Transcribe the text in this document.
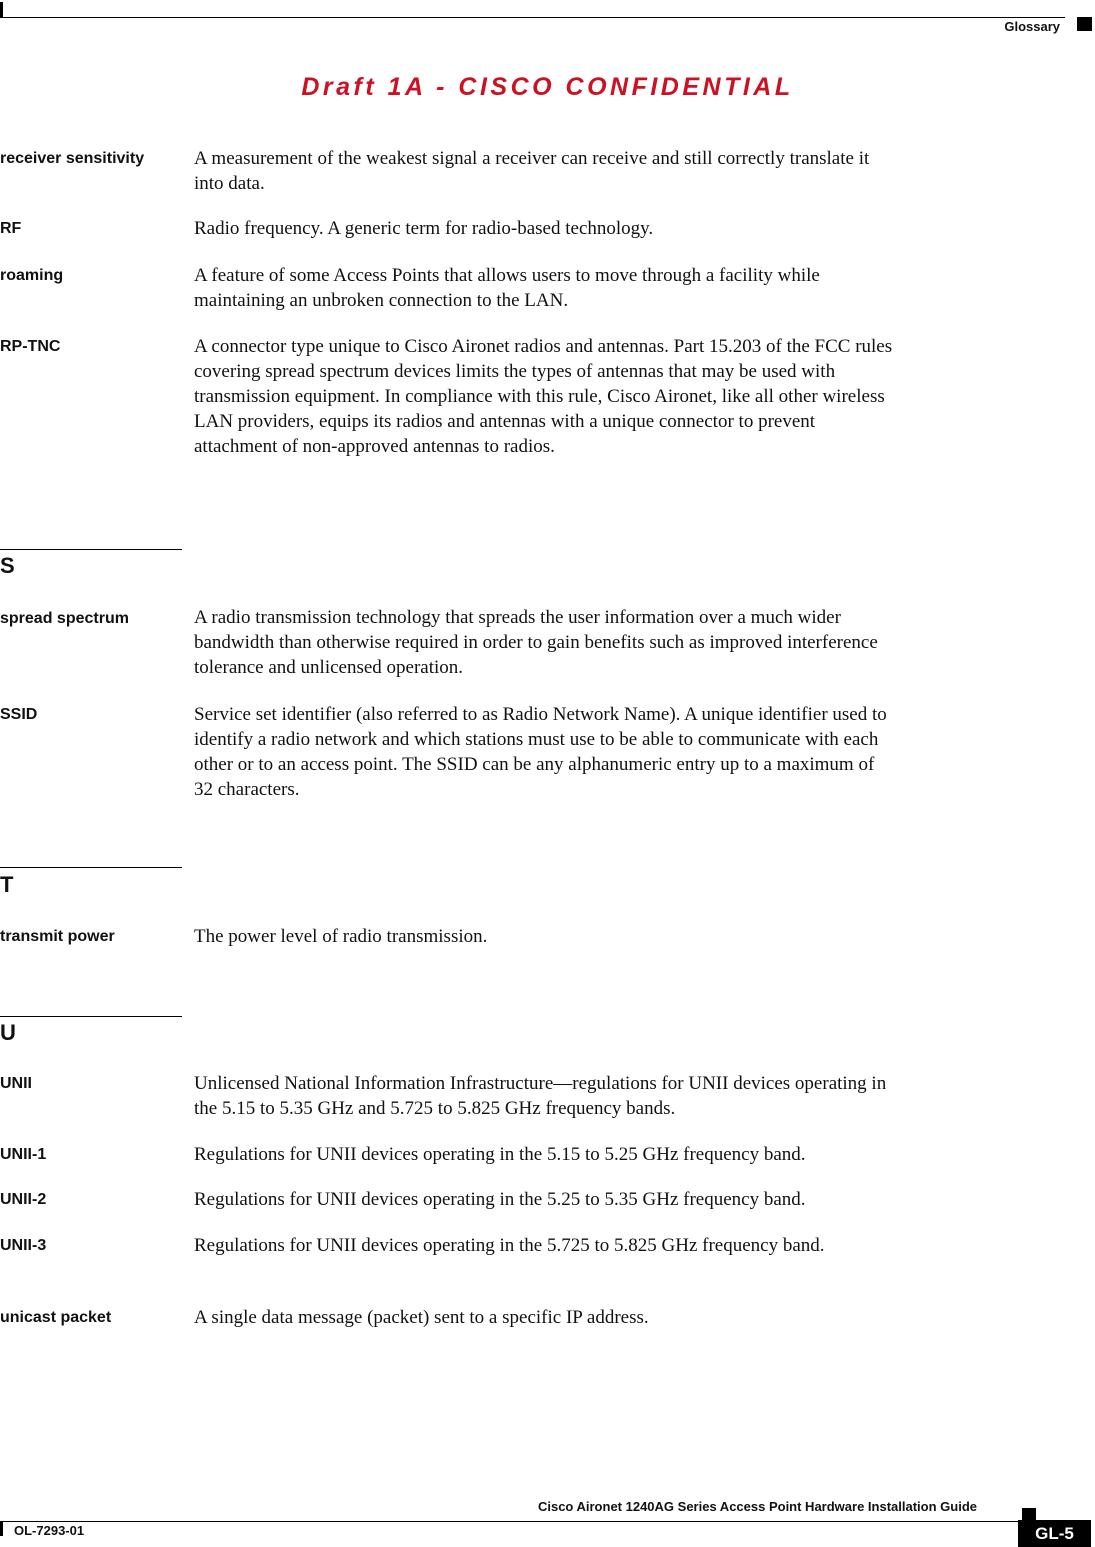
Glossary
Draft 1A - CISCO CONFIDENTIAL
receiver sensitivity	A measurement of the weakest signal a receiver can receive and still correctly translate it into data.
RF	Radio frequency. A generic term for radio-based technology.
roaming	A feature of some Access Points that allows users to move through a facility while maintaining an unbroken connection to the LAN.
RP-TNC	A connector type unique to Cisco Aironet radios and antennas. Part 15.203 of the FCC rules covering spread spectrum devices limits the types of antennas that may be used with transmission equipment. In compliance with this rule, Cisco Aironet, like all other wireless LAN providers, equips its radios and antennas with a unique connector to prevent attachment of non-approved antennas to radios.
S
spread spectrum	A radio transmission technology that spreads the user information over a much wider bandwidth than otherwise required in order to gain benefits such as improved interference tolerance and unlicensed operation.
SSID	Service set identifier (also referred to as Radio Network Name). A unique identifier used to identify a radio network and which stations must use to be able to communicate with each other or to an access point. The SSID can be any alphanumeric entry up to a maximum of 32 characters.
T
transmit power	The power level of radio transmission.
U
UNII	Unlicensed National Information Infrastructure—regulations for UNII devices operating in the 5.15 to 5.35 GHz and 5.725 to 5.825 GHz frequency bands.
UNII-1	Regulations for UNII devices operating in the 5.15 to 5.25 GHz frequency band.
UNII-2	Regulations for UNII devices operating in the 5.25 to 5.35 GHz frequency band.
UNII-3	Regulations for UNII devices operating in the 5.725 to 5.825 GHz frequency band.
unicast packet	A single data message (packet) sent to a specific IP address.
Cisco Aironet 1240AG Series Access Point Hardware Installation Guide
OL-7293-01	GL-5
